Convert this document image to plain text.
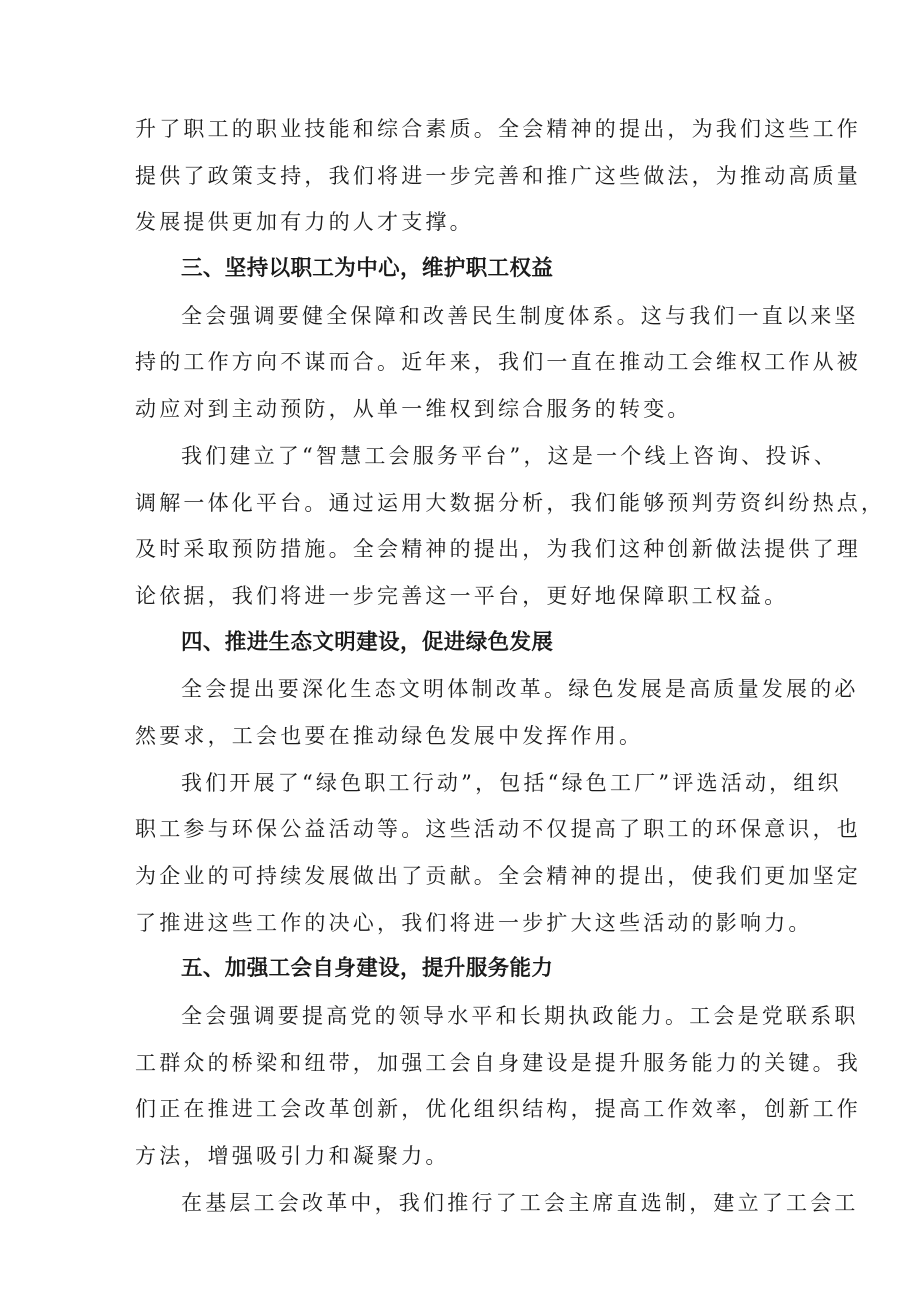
升了职工的职业技能和综合素质。全会精神的提出，为我们这些工作
提供了政策支持，我们将进一步完善和推广这些做法，为推动高质量
发展提供更加有力的人才支撑。
三、坚持以职工为中心，维护职工权益
全会强调要健全保障和改善民生制度体系。这与我们一直以来坚
持的工作方向不谋而合。近年来，我们一直在推动工会维权工作从被
动应对到主动预防，从单一维权到综合服务的转变。
我们建立了“智慧工会服务平台”，这是一个线上咨询、投诉、
调解一体化平台。通过运用大数据分析，我们能够预判劳资纠纷热点，
及时采取预防措施。全会精神的提出，为我们这种创新做法提供了理
论依据，我们将进一步完善这一平台，更好地保障职工权益。
四、推进生态文明建设，促进绿色发展
全会提出要深化生态文明体制改革。绿色发展是高质量发展的必
然要求，工会也要在推动绿色发展中发挥作用。
我们开展了“绿色职工行动”，包括“绿色工厂”评选活动，组织
职工参与环保公益活动等。这些活动不仅提高了职工的环保意识，也
为企业的可持续发展做出了贡献。全会精神的提出，使我们更加坚定
了推进这些工作的决心，我们将进一步扩大这些活动的影响力。
五、加强工会自身建设，提升服务能力
全会强调要提高党的领导水平和长期执政能力。工会是党联系职
工群众的桥梁和纽带，加强工会自身建设是提升服务能力的关键。我
们正在推进工会改革创新，优化组织结构，提高工作效率，创新工作
方法，增强吸引力和凝聚力。
在基层工会改革中，我们推行了工会主席直选制，建立了工会工
